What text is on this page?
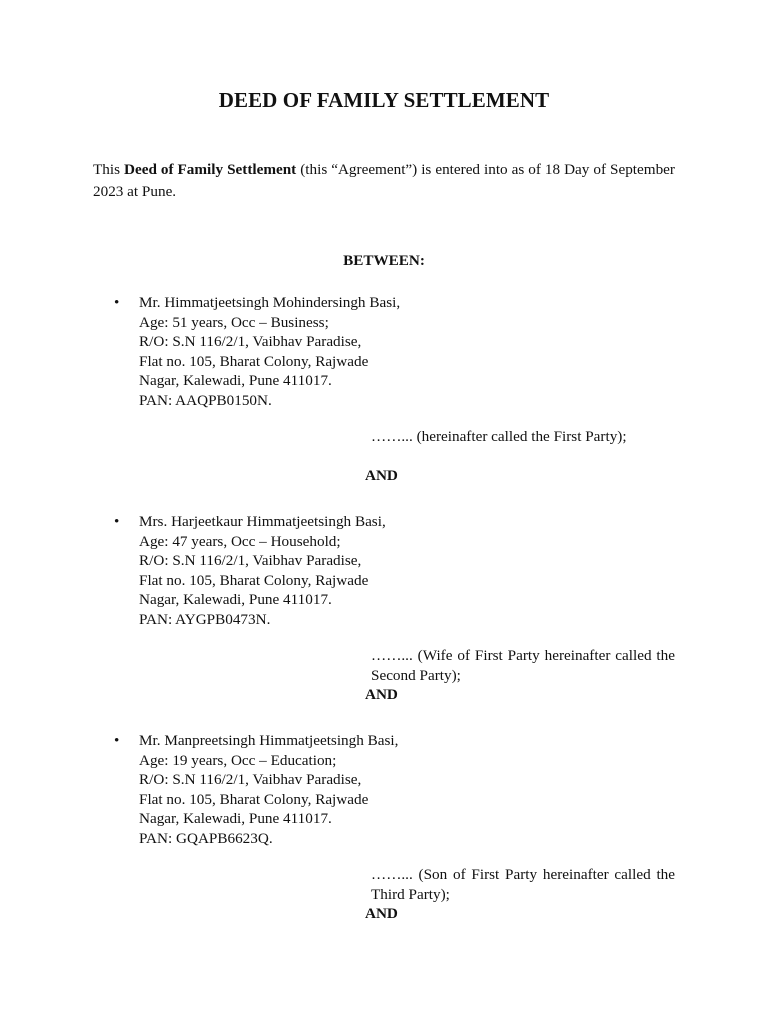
DEED OF FAMILY SETTLEMENT

This Deed of Family Settlement (this “Agreement”) is entered into as of 18 Day of September 2023 at Pune.

BETWEEN:

• Mr. Himmatjeetsingh Mohindersingh Basi,
Age: 51 years, Occ – Business;
R/O: S.N 116/2/1, Vaibhav Paradise,
Flat no. 105, Bharat Colony, Rajwade
Nagar, Kalewadi, Pune 411017.
PAN: AAQPB0150N.

……... (hereinafter called the First Party);

AND

• Mrs. Harjeetkaur Himmatjeetsingh Basi,
Age: 47 years, Occ – Household;
R/O: S.N 116/2/1, Vaibhav Paradise,
Flat no. 105, Bharat Colony, Rajwade
Nagar, Kalewadi, Pune 411017.
PAN: AYGPB0473N.

……... (Wife of First Party hereinafter called the Second Party);

AND

• Mr. Manpreetsingh Himmatjeetsingh Basi,
Age: 19 years, Occ – Education;
R/O: S.N 116/2/1, Vaibhav Paradise,
Flat no. 105, Bharat Colony, Rajwade
Nagar, Kalewadi, Pune 411017.
PAN: GQAPB6623Q.

……... (Son of First Party hereinafter called the Third Party);

AND
